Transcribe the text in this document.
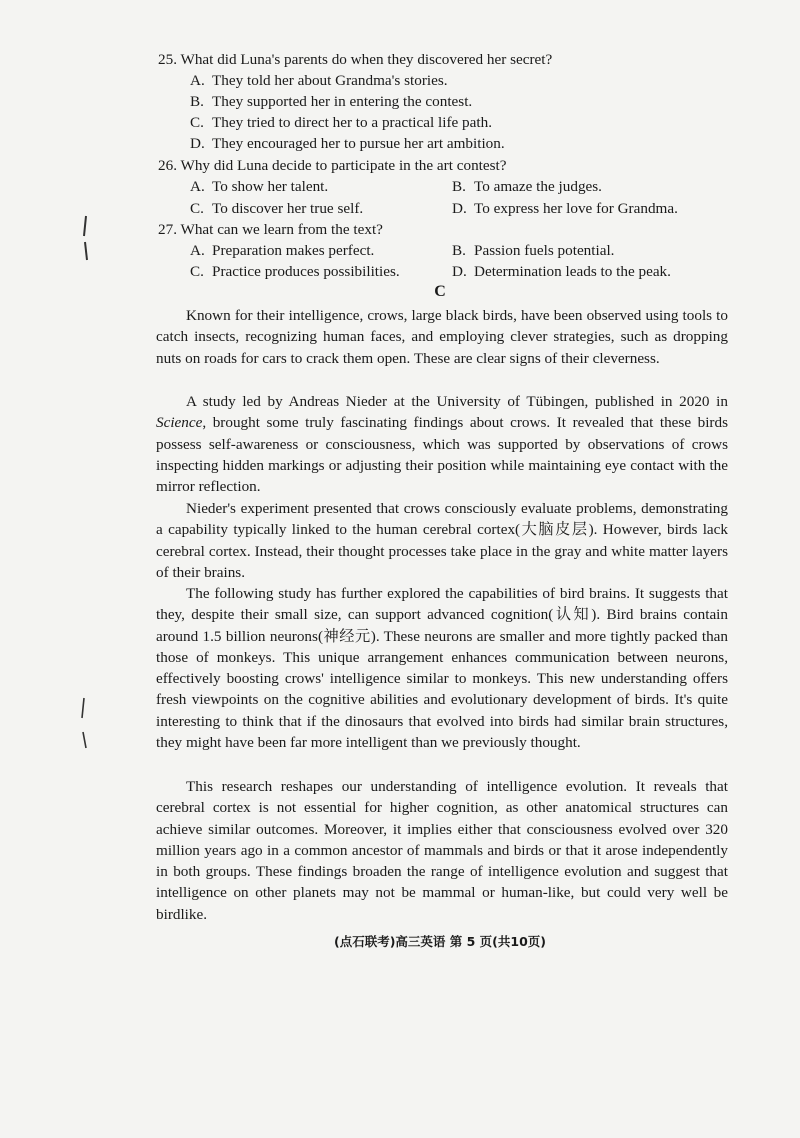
25. What did Luna's parents do when they discovered her secret?
A. They told her about Grandma's stories.
B. They supported her in entering the contest.
C. They tried to direct her to a practical life path.
D. They encouraged her to pursue her art ambition.
26. Why did Luna decide to participate in the art contest?
A. To show her talent.	B. To amaze the judges.
C. To discover her true self.	D. To express her love for Grandma.
27. What can we learn from the text?
A. Preparation makes perfect.	B. Passion fuels potential.
C. Practice produces possibilities.	D. Determination leads to the peak.
C
Known for their intelligence, crows, large black birds, have been observed using tools to catch insects, recognizing human faces, and employing clever strategies, such as dropping nuts on roads for cars to crack them open. These are clear signs of their cleverness.
A study led by Andreas Nieder at the University of Tübingen, published in 2020 in Science, brought some truly fascinating findings about crows. It revealed that these birds possess self-awareness or consciousness, which was supported by observations of crows inspecting hidden markings or adjusting their position while maintaining eye contact with the mirror reflection.
Nieder's experiment presented that crows consciously evaluate problems, demonstrating a capability typically linked to the human cerebral cortex(大脑皮层). However, birds lack cerebral cortex. Instead, their thought processes take place in the gray and white matter layers of their brains.
The following study has further explored the capabilities of bird brains. It suggests that they, despite their small size, can support advanced cognition(认知). Bird brains contain around 1.5 billion neurons(神经元). These neurons are smaller and more tightly packed than those of monkeys. This unique arrangement enhances communication between neurons, effectively boosting crows' intelligence similar to monkeys. This new understanding offers fresh viewpoints on the cognitive abilities and evolutionary development of birds. It's quite interesting to think that if the dinosaurs that evolved into birds had similar brain structures, they might have been far more intelligent than we previously thought.
This research reshapes our understanding of intelligence evolution. It reveals that cerebral cortex is not essential for higher cognition, as other anatomical structures can achieve similar outcomes. Moreover, it implies either that consciousness evolved over 320 million years ago in a common ancestor of mammals and birds or that it arose independently in both groups. These findings broaden the range of intelligence evolution and suggest that intelligence on other planets may not be mammal or human-like, but could very well be birdlike.
(点石联考)高三英语 第 5 页(共10页)
